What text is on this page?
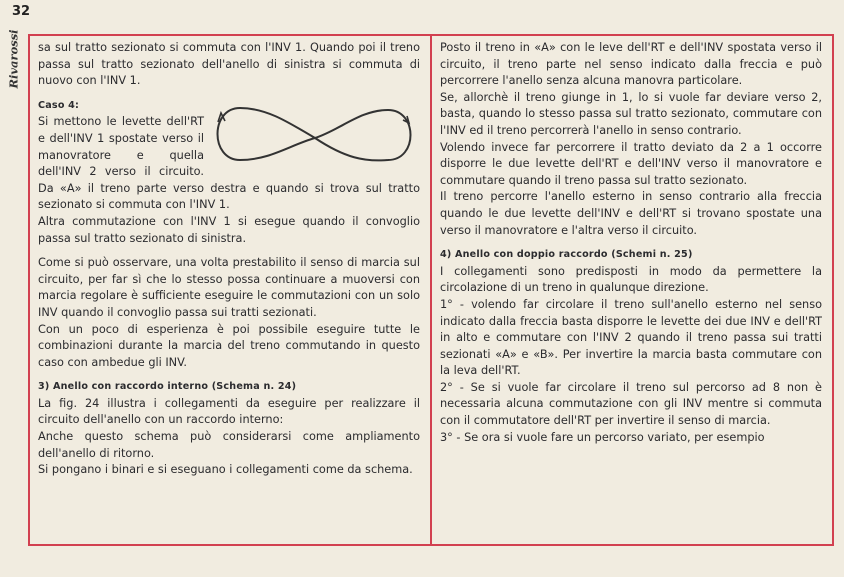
32
Rivarossi sa sul tratto sezionato si commuta con l'INV 1. Quando poi il treno passa sul tratto sezionato dell'anello di sinistra si commuta di nuovo con l'INV 1.

Caso 4:

Si mettono le levette dell'RT e dell'INV 1 spostate verso il manovratore e quella dell'INV 2 verso il circuito. Da «A» il treno parte verso destra e quando si trova sul tratto sezionato si commuta con l'INV 1.

Altra commutazione con l'INV 1 si esegue quando il convoglio passa sul tratto sezionato di sinistra.

Come si può osservare, una volta prestabilito il senso di marcia sul circuito, per far sì che lo stesso possa continuare a muoversi con marcia regolare è sufficiente eseguire le commutazioni con un solo INV quando il convoglio passa sui tratti sezionati.

Con un poco di esperienza è poi possibile eseguire tutte le combinazioni durante la marcia del treno commutando in questo caso con ambedue gli INV.

3) Anello con raccordo interno (Schema n. 24)

La fig. 24 illustra i collegamenti da eseguire per realizzare il circuito dell'anello con un raccordo interno:

Anche questo schema può considerarsi come ampliamento dell'anello di ritorno.

Si pongano i binari e si eseguano i collegamenti come da schema.

Posto il treno in «A» con le leve dell'RT e dell'INV spostata verso il circuito, il treno parte nel senso indicato dalla freccia e può percorrere l'anello senza alcuna manovra particolare.

Se, allorchè il treno giunge in 1, lo si vuole far deviare verso 2, basta, quando lo stesso passa sul tratto sezionato, commutare con l'INV ed il treno percorrerà l'anello in senso contrario.

Volendo invece far percorrere il tratto deviato da 2 a 1 occorre disporre le due levette dell'RT e dell'INV verso il manovratore e commutare quando il treno passa sul tratto sezionato.

Il treno percorre l'anello esterno in senso contrario alla freccia quando le due levette dell'INV e dell'RT si trovano spostate una verso il manovratore e l'altra verso il circuito.

4) Anello con doppio raccordo (Schemi n. 25)

I collegamenti sono predisposti in modo da permettere la circolazione di un treno in qualunque direzione.

1° - volendo far circolare il treno sull'anello esterno nel senso indicato dalla freccia basta disporre le levette dei due INV e dell'RT in alto e commutare con l'INV 2 quando il treno passa sui tratti sezionati «A» e «B». Per invertire la marcia basta commutare con la leva dell'RT.

2° - Se si vuole far circolare il treno sul percorso ad 8 non è necessaria alcuna commutazione con gli INV mentre si commuta con il commutatore dell'RT per invertire il senso di marcia.

3° - Se ora si vuole fare un percorso variato, per esempio
